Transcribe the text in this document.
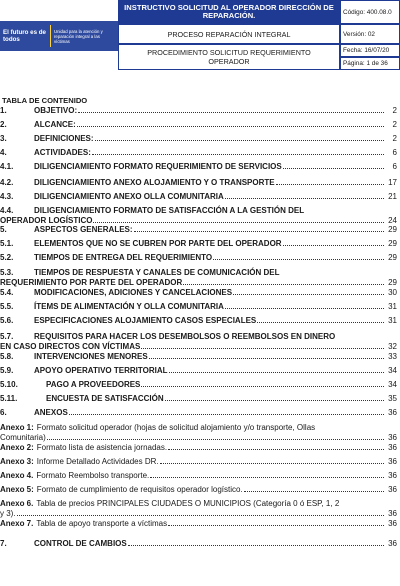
El futuro es de todos
Unidad para la atención y reparación integral a las víctimas
INSTRUCTIVO SOLICITUD AL OPERADOR DIRECCIÓN DE REPARACIÓN.
PROCESO REPARACIÓN INTEGRAL
PROCEDIMIENTO SOLICITUD REQUERIMIENTO OPERADOR
Código: 400.08.0
Versión: 02
Fecha: 16/07/20
Página: 1 de 36
TABLA DE CONTENIDO
1.	OBJETIVO:	2
2.	ALCANCE:	2
3.	DEFINICIONES:	2
4.	ACTIVIDADES:	6
4.1.	DILIGENCIAMIENTO FORMATO REQUERIMIENTO DE SERVICIOS	6
4.2.	DILIGENCIAMIENTO ANEXO ALOJAMIENTO Y O TRANSPORTE	17
4.3.	DILIGENCIAMIENTO ANEXO OLLA COMUNITARIA	21
4.4.	DILIGENCIAMIENTO FORMATO DE SATISFACCIÓN A LA GESTIÓN DEL
OPERADOR LOGÍSTICO	24
5.	ASPECTOS GENERALES:	29
5.1.	ELEMENTOS QUE NO SE CUBREN POR PARTE DEL OPERADOR	29
5.2.	TIEMPOS DE ENTREGA DEL REQUERIMIENTO	29
5.3.	TIEMPOS DE RESPUESTA Y CANALES DE COMUNICACIÓN DEL
REQUERIMIENTO POR PARTE DEL OPERADOR	29
5.4.	MODIFICACIONES, ADICIONES Y CANCELACIONES	30
5.5.	ÍTEMS DE ALIMENTACIÓN Y OLLA COMUNITARIA	31
5.6.	ESPECIFICACIONES ALOJAMIENTO CASOS ESPECIALES	31
5.7.	REQUISITOS PARA HACER LOS DESEMBOLSOS O REEMBOLSOS EN DINERO
EN CASO DIRECTOS CON VÍCTIMAS	32
5.8.	INTERVENCIONES MENORES	33
5.9.	APOYO OPERATIVO TERRITORIAL	34
5.10.	PAGO A PROVEEDORES	34
5.11.	ENCUESTA DE SATISFACCIÓN	35
6.	ANEXOS	36
Anexo 1: Formato solicitud operador (hojas de solicitud alojamiento y/o transporte, Ollas
Comunitaria)	36
Anexo 2: Formato lista de asistencia jornadas.	36
Anexo 3: Informe Detallado Actividades DR.	36
Anexo 4. Formato Reembolso transporte.	36
Anexo 5: Formato de cumplimiento de requisitos operador logístico.	36
Anexo 6. Tabla de precios PRINCIPALES CIUDADES O MUNICIPIOS (Categoría 0 ó ESP, 1, 2
y 3).	36
Anexo 7. Tabla de apoyo transporte a víctimas	36
7.	CONTROL DE CAMBIOS	36
